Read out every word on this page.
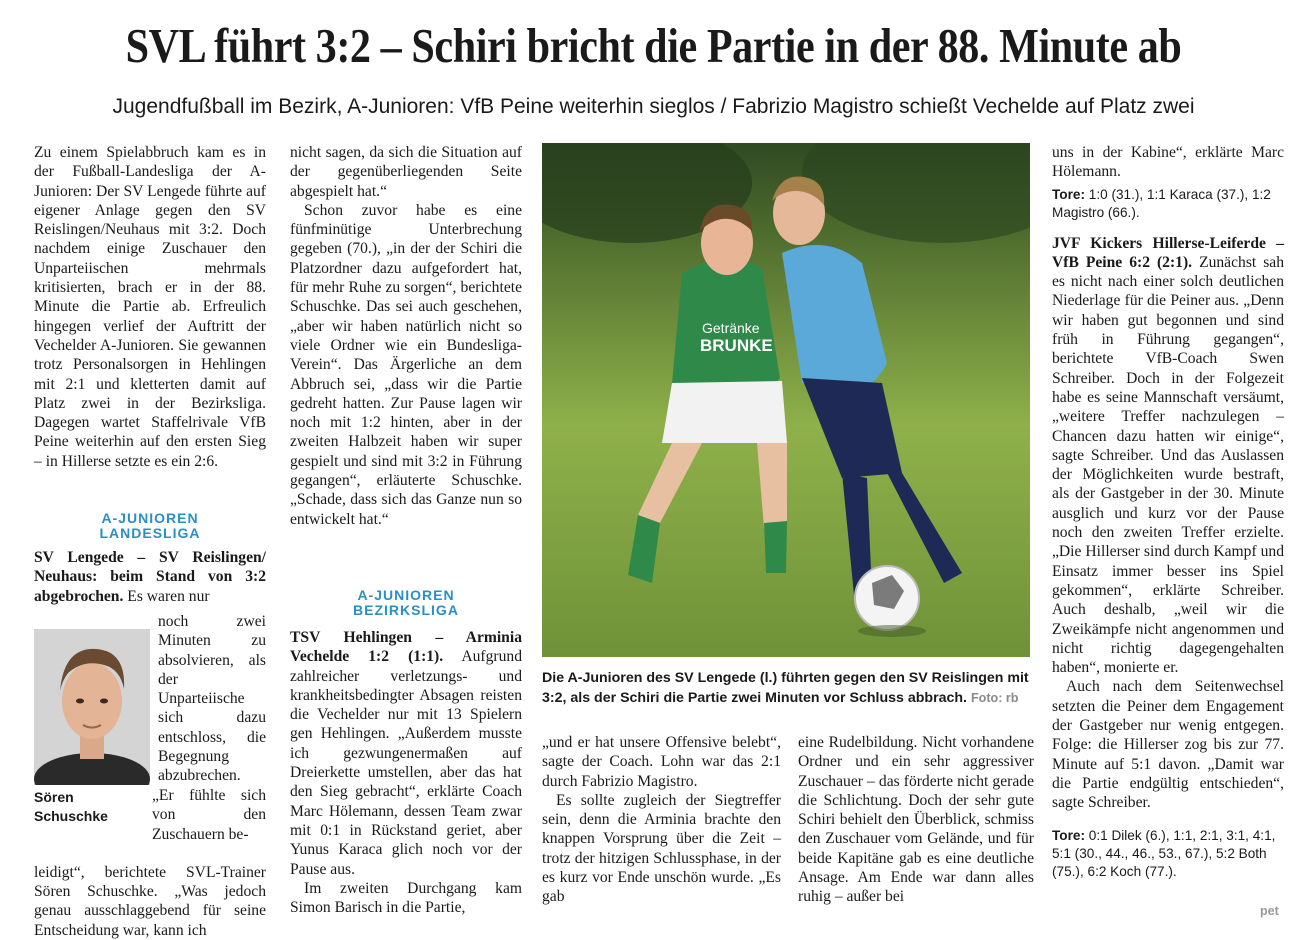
SVL führt 3:2 – Schiri bricht die Partie in der 88. Minute ab
Jugendfußball im Bezirk, A-Junioren: VfB Peine weiterhin sieglos / Fabrizio Magistro schießt Vechelde auf Platz zwei

Zu einem Spielabbruch kam es in der Fußball-Landesliga der A-Junioren: Der SV Lengede führte auf eigener Anlage gegen den SV Reislingen/Neuhaus mit 3:2. Doch nachdem einige Zuschauer den Unparteiischen mehrmals kritisierten, brach er in der 88. Minute die Partie ab. Erfreulich hingegen verlief der Auftritt der Vechelder A-Junioren. Sie gewannen trotz Personalsorgen in Hehlingen mit 2:1 und kletterten damit auf Platz zwei in der Bezirksliga. Dagegen wartet Staffelrivale VfB Peine weiterhin auf den ersten Sieg – in Hillerse setzte es ein 2:6.

A-JUNIOREN
LANDESLIGA

SV Lengede – SV Reislingen/ Neuhaus: beim Stand von 3:2 abgebrochen. Es waren nur

noch zwei Minuten zu absolvieren, als der Unparteiische sich dazu entschloss, die Begegnung abzubrechen.
Sören
Schuschke

„Er fühlte sich von den Zuschauern be-

leidigt“, berichtete SVL-Trainer Sören Schuschke. „Was jedoch genau ausschlaggebend für seine Entscheidung war, kann ich

nicht sagen, da sich die Situation auf der gegenüberliegenden Seite abgespielt hat.“

Schon zuvor habe es eine fünfminütige Unterbrechung gegeben (70.), „in der der Schiri die Platzordner dazu aufgefordert hat, für mehr Ruhe zu sorgen“, berichtete Schuschke. Das sei auch geschehen, „aber wir haben natürlich nicht so viele Ordner wie ein Bundesliga-Verein“. Das Ärgerliche an dem Abbruch sei, „dass wir die Partie gedreht hatten. Zur Pause lagen wir noch mit 1:2 hinten, aber in der zweiten Halbzeit haben wir super gespielt und sind mit 3:2 in Führung gegangen“, erläuterte Schuschke. „Schade, dass sich das Ganze nun so entwickelt hat.“

A-JUNIOREN
BEZIRKSLIGA

TSV Hehlingen – Arminia Vechelde 1:2 (1:1). Aufgrund zahlreicher verletzungs- und krankheitsbedingter Absagen reisten die Vechelder nur mit 13 Spielern gen Hehlingen. „Außerdem musste ich gezwungenermaßen auf Dreierkette umstellen, aber das hat den Sieg gebracht“, erklärte Coach Marc Hölemann, dessen Team zwar mit 0:1 in Rückstand geriet, aber Yunus Karaca glich noch vor der Pause aus.

Im zweiten Durchgang kam Simon Barisch in die Partie,

Getränke
BRUNKE
Die A-Junioren des SV Lengede (l.) führten gegen den SV Reislingen mit 3:2, als der Schiri die Partie zwei Minuten vor Schluss abbrach. Foto: rb

„und er hat unsere Offensive belebt“, sagte der Coach. Lohn war das 2:1 durch Fabrizio Magistro.

Es sollte zugleich der Siegtreffer sein, denn die Arminia brachte den knappen Vorsprung über die Zeit – trotz der hitzigen Schlussphase, in der es kurz vor Ende unschön wurde. „Es gab

eine Rudelbildung. Nicht vorhandene Ordner und ein sehr aggressiver Zuschauer – das förderte nicht gerade die Schlichtung. Doch der sehr gute Schiri behielt den Überblick, schmiss den Zuschauer vom Gelände, und für beide Kapitäne gab es eine deutliche Ansage. Am Ende war dann alles ruhig – außer bei

uns in der Kabine“, erklärte Marc Hölemann.

Tore: 1:0 (31.), 1:1 Karaca (37.), 1:2 Magistro (66.).

JVF Kickers Hillerse-Leiferde – VfB Peine 6:2 (2:1). Zunächst sah es nicht nach einer solch deutlichen Niederlage für die Peiner aus. „Denn wir haben gut begonnen und sind früh in Führung gegangen“, berichtete VfB-Coach Swen Schreiber. Doch in der Folgezeit habe es seine Mannschaft versäumt, „weitere Treffer nachzulegen – Chancen dazu hatten wir einige“, sagte Schreiber. Und das Auslassen der Möglichkeiten wurde bestraft, als der Gastgeber in der 30. Minute ausglich und kurz vor der Pause noch den zweiten Treffer erzielte. „Die Hillerser sind durch Kampf und Einsatz immer besser ins Spiel gekommen“, erklärte Schreiber. Auch deshalb, „weil wir die Zweikämpfe nicht angenommen und nicht richtig dagegengehalten haben“, monierte er.

Auch nach dem Seitenwechsel setzten die Peiner dem Engagement der Gastgeber nur wenig entgegen. Folge: die Hillerser zog bis zur 77. Minute auf 5:1 davon. „Damit war die Partie endgültig entschieden“, sagte Schreiber.

Tore: 0:1 Dilek (6.), 1:1, 2:1, 3:1, 4:1, 5:1 (30., 44., 46., 53., 67.), 5:2 Both (75.), 6:2 Koch (77.).

pet
